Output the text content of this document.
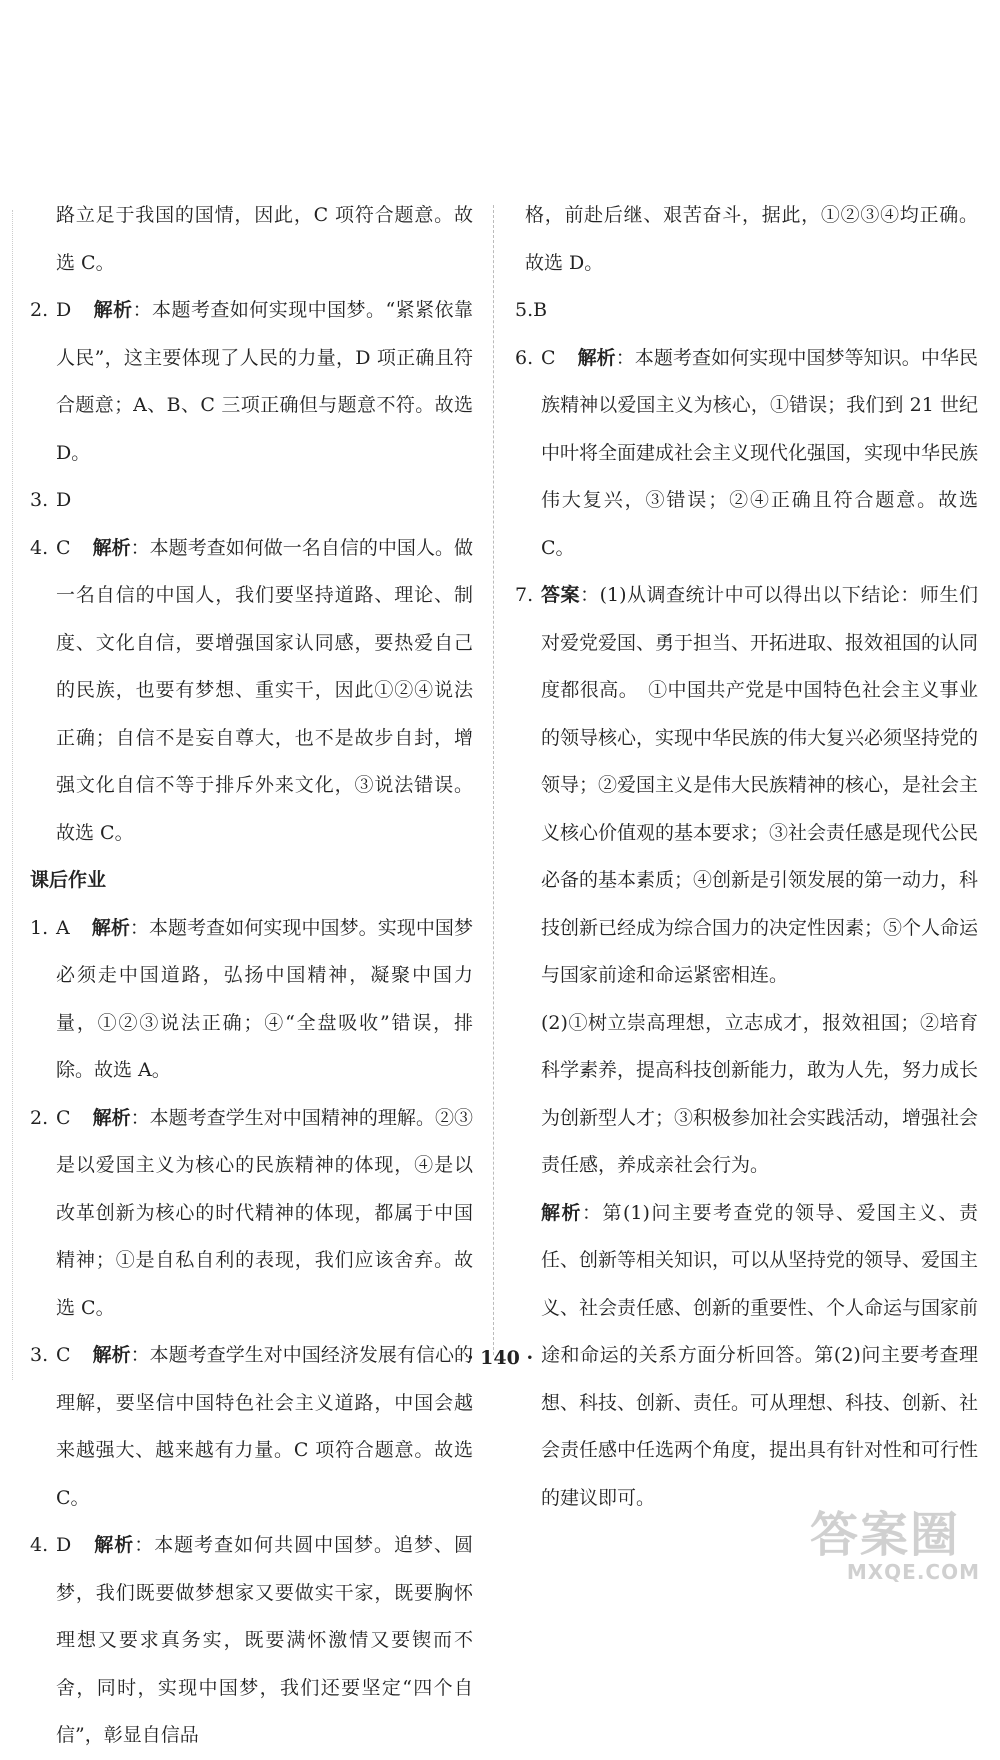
路立足于我国的国情，因此，C 项符合题意。故选 C。
2. D 解析：本题考查如何实现中国梦。“紧紧依靠人民”，这主要体现了人民的力量，D 项正确且符合题意；A、B、C 三项正确但与题意不符。故选 D。
3. D
4. C 解析：本题考查如何做一名自信的中国人。做一名自信的中国人，我们要坚持道路、理论、制度、文化自信，要增强国家认同感，要热爱自己的民族，也要有梦想、重实干，因此①②④说法正确；自信不是妄自尊大，也不是故步自封，增强文化自信不等于排斥外来文化，③说法错误。故选 C。
课后作业
1. A 解析：本题考查如何实现中国梦。实现中国梦必须走中国道路，弘扬中国精神，凝聚中国力量，①②③说法正确；④“全盘吸收”错误，排除。故选 A。
2. C 解析：本题考查学生对中国精神的理解。②③是以爱国主义为核心的民族精神的体现，④是以改革创新为核心的时代精神的体现，都属于中国精神；①是自私自利的表现，我们应该舍弃。故选 C。
3. C 解析：本题考查学生对中国经济发展有信心的理解，要坚信中国特色社会主义道路，中国会越来越强大、越来越有力量。C 项符合题意。故选 C。
4. D 解析：本题考查如何共圆中国梦。追梦、圆梦，我们既要做梦想家又要做实干家，既要胸怀理想又要求真务实，既要满怀激情又要锲而不舍，同时，实现中国梦，我们还要坚定“四个自信”，彰显自信品
格，前赴后继、艰苦奋斗，据此，①②③④均正确。故选 D。
5.B
6. C 解析：本题考查如何实现中国梦等知识。中华民族精神以爱国主义为核心，①错误；我们到 21 世纪中叶将全面建成社会主义现代化强国，实现中华民族伟大复兴，③错误；②④正确且符合题意。故选 C。
7. 答案：(1)从调查统计中可以得出以下结论：师生们对爱党爱国、勇于担当、开拓进取、报效祖国的认同度都很高。　①中国共产党是中国特色社会主义事业的领导核心，实现中华民族的伟大复兴必须坚持党的领导；②爱国主义是伟大民族精神的核心，是社会主义核心价值观的基本要求；③社会责任感是现代公民必备的基本素质；④创新是引领发展的第一动力，科技创新已经成为综合国力的决定性因素；⑤个人命运与国家前途和命运紧密相连。
(2)①树立崇高理想，立志成才，报效祖国；②培育科学素养，提高科技创新能力，敢为人先，努力成长为创新型人才；③积极参加社会实践活动，增强社会责任感，养成亲社会行为。
解析：第(1)问主要考查党的领导、爱国主义、责任、创新等相关知识，可以从坚持党的领导、爱国主义、社会责任感、创新的重要性、个人命运与国家前途和命运的关系方面分析回答。第(2)问主要考查理想、科技、创新、责任。可从理想、科技、创新、社会责任感中任选两个角度，提出具有针对性和可行性的建议即可。
· 140 ·
答案圈
MXQE.COM
